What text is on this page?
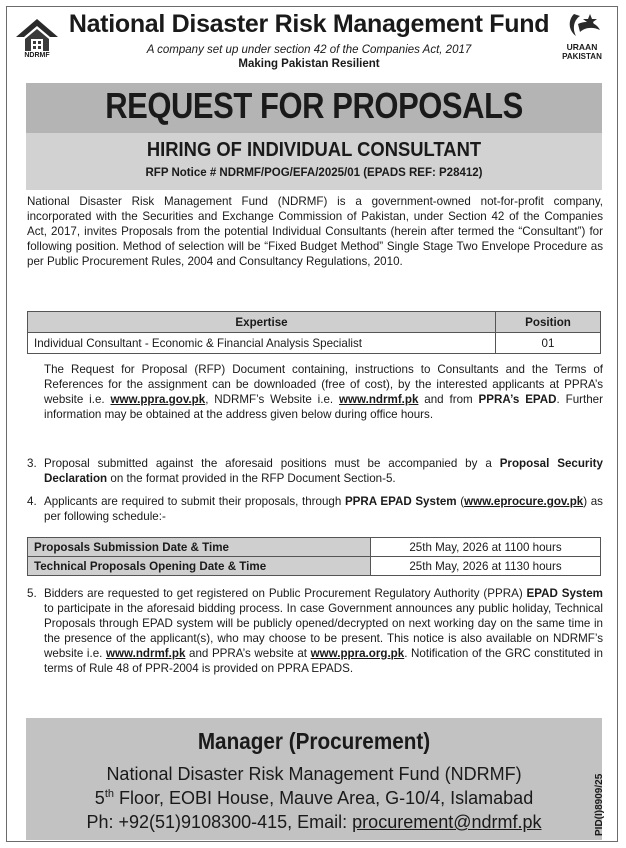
NDRMF
URAAN
PAKISTAN
National Disaster Risk Management Fund
A company set up under section 42 of the Companies Act, 2017
Making Pakistan Resilient
REQUEST FOR PROPOSALS
HIRING OF INDIVIDUAL CONSULTANT
RFP Notice # NDRMF/POG/EFA/2025/01 (EPADS REF: P28412)
National Disaster Risk Management Fund (NDRMF) is a government-owned not-for-profit company, incorporated with the Securities and Exchange Commission of Pakistan, under Section 42 of the Companies Act, 2017, invites Proposals from the potential Individual Consultants (herein after termed the “Consultant”) for following position. Method of selection will be “Fixed Budget Method” Single Stage Two Envelope Procedure as per Public Procurement Rules, 2004 and Consultancy Regulations, 2010.
Expertise	Position
Individual Consultant - Economic & Financial Analysis Specialist	01
The Request for Proposal (RFP) Document containing, instructions to Consultants and the Terms of References for the assignment can be downloaded (free of cost), by the interested applicants at PPRA’s website i.e. www.ppra.gov.pk, NDRMF’s Website i.e. www.ndrmf.pk and from PPRA’s EPAD. Further information may be obtained at the address given below during office hours.
3. Proposal submitted against the aforesaid positions must be accompanied by a Proposal Security Declaration on the format provided in the RFP Document Section-5.
4. Applicants are required to submit their proposals, through PPRA EPAD System (www.eprocure.gov.pk) as per following schedule:-
Proposals Submission Date & Time	25th May, 2026 at 1100 hours
Technical Proposals Opening Date & Time	25th May, 2026 at 1130 hours
5. Bidders are requested to get registered on Public Procurement Regulatory Authority (PPRA) EPAD System to participate in the aforesaid bidding process. In case Government announces any public holiday, Technical Proposals through EPAD system will be publicly opened/decrypted on next working day on the same time in the presence of the applicant(s), who may choose to be present. This notice is also available on NDRMF’s website i.e. www.ndrmf.pk and PPRA’s website at www.ppra.org.pk. Notification of the GRC constituted in terms of Rule 48 of PPR-2004 is provided on PPRA EPADS.
Manager (Procurement)
National Disaster Risk Management Fund (NDRMF)
5th Floor, EOBI House, Mauve Area, G-10/4, Islamabad
Ph: +92(51)9108300-415, Email: procurement@ndrmf.pk	PID(I)8909/25
